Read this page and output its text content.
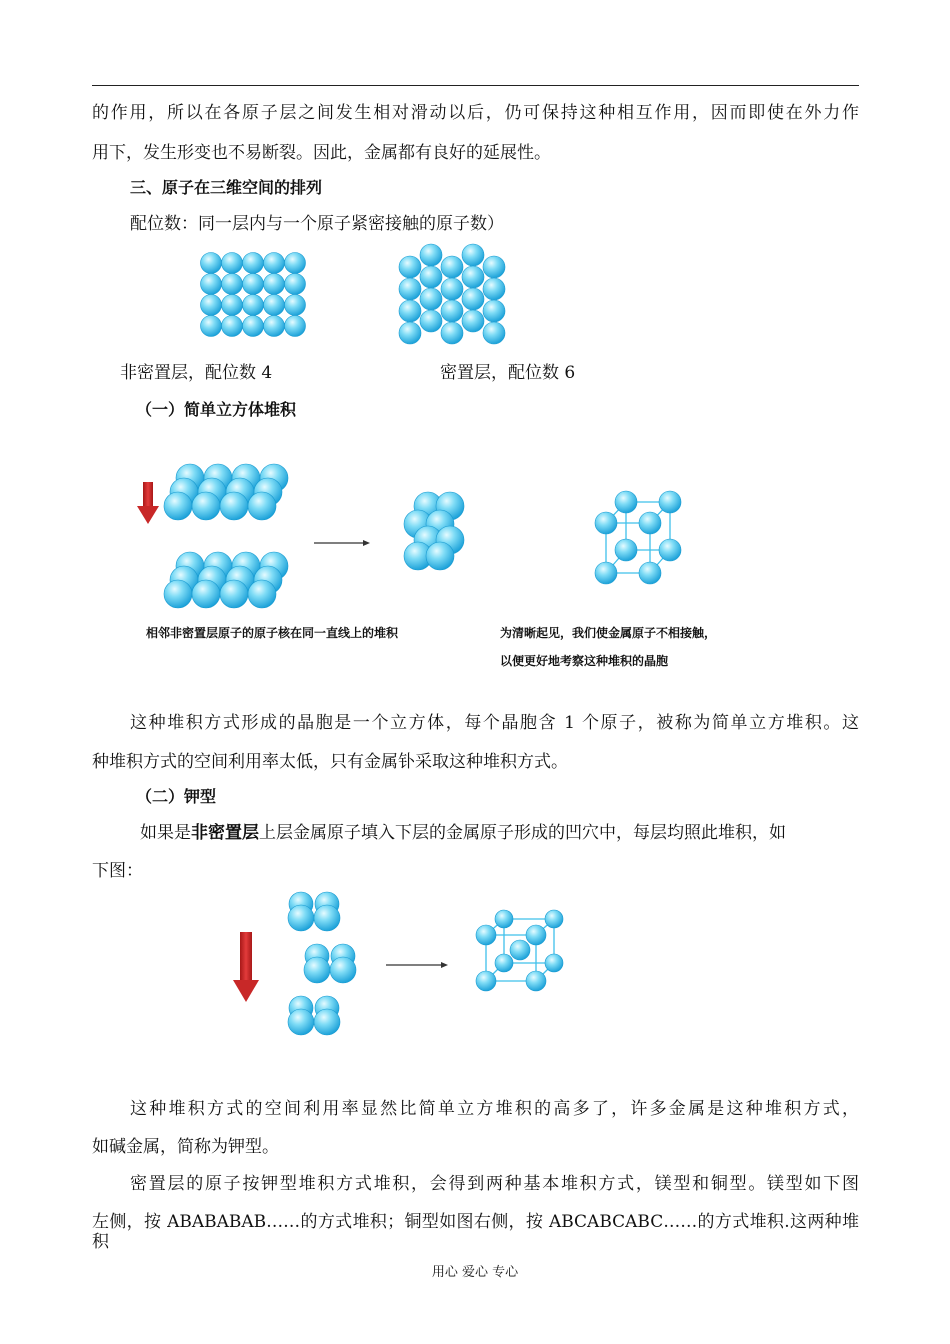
的作用，所以在各原子层之间发生相对滑动以后，仍可保持这种相互作用，因而即使在外力作
用下，发生形变也不易断裂。因此，金属都有良好的延展性。
三、原子在三维空间的排列
配位数：同一层内与一个原子紧密接触的原子数）
非密置层，配位数 4	密置层，配位数 6
（一）简单立方体堆积
相邻非密置层原子的原子核在同一直线上的堆积	为清晰起见，我们使金属原子不相接触，
以便更好地考察这种堆积的晶胞
这种堆积方式形成的晶胞是一个立方体，每个晶胞含 1 个原子，被称为简单立方堆积。这
种堆积方式的空间利用率太低，只有金属钋采取这种堆积方式。
（二）钾型
如果是非密置层上层金属原子填入下层的金属原子形成的凹穴中，每层均照此堆积，如
下图：
这种堆积方式的空间利用率显然比简单立方堆积的高多了，许多金属是这种堆积方式，
如碱金属，简称为钾型。
密置层的原子按钾型堆积方式堆积，会得到两种基本堆积方式，镁型和铜型。镁型如下图
左侧，按 ABABABAB……的方式堆积；铜型如图右侧，按 ABCABCABC……的方式堆积.这两种堆积
用心 爱心 专心
